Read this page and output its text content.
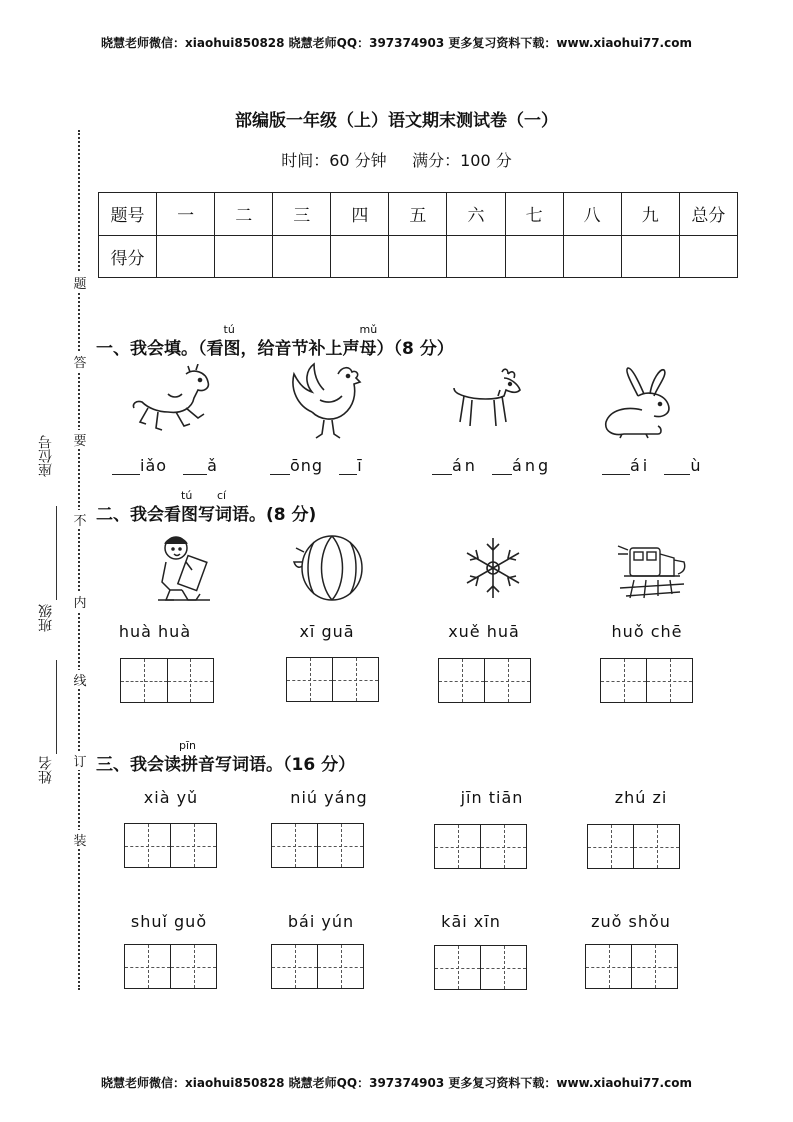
晓慧老师微信：xiaohui850828 晓慧老师QQ：397374903 更多复习资料下载：www.xiaohui77.com
晓慧老师微信：xiaohui850828 晓慧老师QQ：397374903 更多复习资料下载：www.xiaohui77.com
部编版一年级（上）语文期末测试卷（一）
时间：60 分钟     满分：100 分
题号	一	二	三	四	五	六	七	八	九	总分
得分										
题
答
要
不
内
线
订
装
座位号
班级
姓名
一、我会填。（看
tú
图，给音节补上声
mǔ
母）（8 分）
iǎo	ǎ	ōng ī	án áng	ái	ù
二、我会看
tú
图写
cí
词语。(8 分)
huà huà	xī guā	xuě huā	huǒ chē
三、我会读
pīn
拼音写词语。（16 分）
xià yǔ	niú yáng	jīn tiān	zhú zi
shuǐ guǒ	bái yún	kāi xīn	zuǒ shǒu
